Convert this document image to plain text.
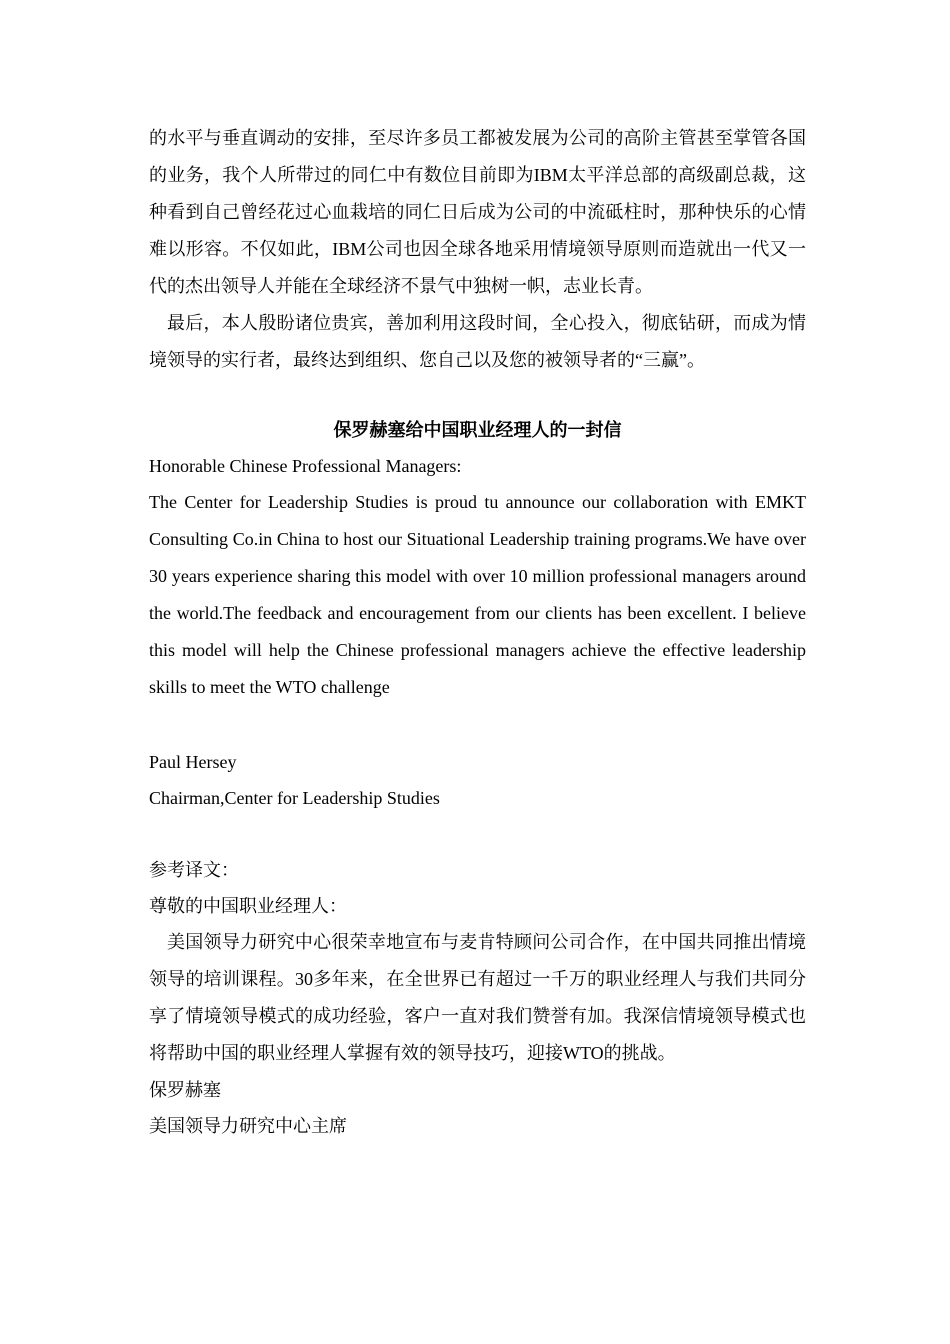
的水平与垂直调动的安排，至尽许多员工都被发展为公司的高阶主管甚至掌管各国的业务，我个人所带过的同仁中有数位目前即为IBM太平洋总部的高级副总裁，这种看到自己曾经花过心血栽培的同仁日后成为公司的中流砥柱时，那种快乐的心情难以形容。不仅如此，IBM公司也因全球各地采用情境领导原则而造就出一代又一代的杰出领导人并能在全球经济不景气中独树一帜，志业长青。

最后，本人殷盼诸位贵宾，善加利用这段时间，全心投入，彻底钻研，而成为情境领导的实行者，最终达到组织、您自己以及您的被领导者的“三赢”。

保罗赫塞给中国职业经理人的一封信

Honorable Chinese Professional Managers:

The Center for Leadership Studies is proud tu announce our collaboration with EMKT Consulting Co.in China to host our Situational Leadership training programs.We have over 30 years experience sharing this model with over 10 million professional managers around the world.The feedback and encouragement from our clients has been excellent. I believe this model will help the Chinese professional managers achieve the effective leadership skills to meet the WTO challenge

Paul Hersey

Chairman,Center for Leadership Studies

参考译文：

尊敬的中国职业经理人：

美国领导力研究中心很荣幸地宣布与麦肯特顾问公司合作，在中国共同推出情境领导的培训课程。30多年来，在全世界已有超过一千万的职业经理人与我们共同分享了情境领导模式的成功经验，客户一直对我们赞誉有加。我深信情境领导模式也将帮助中国的职业经理人掌握有效的领导技巧，迎接WTO的挑战。

保罗赫塞

美国领导力研究中心主席
